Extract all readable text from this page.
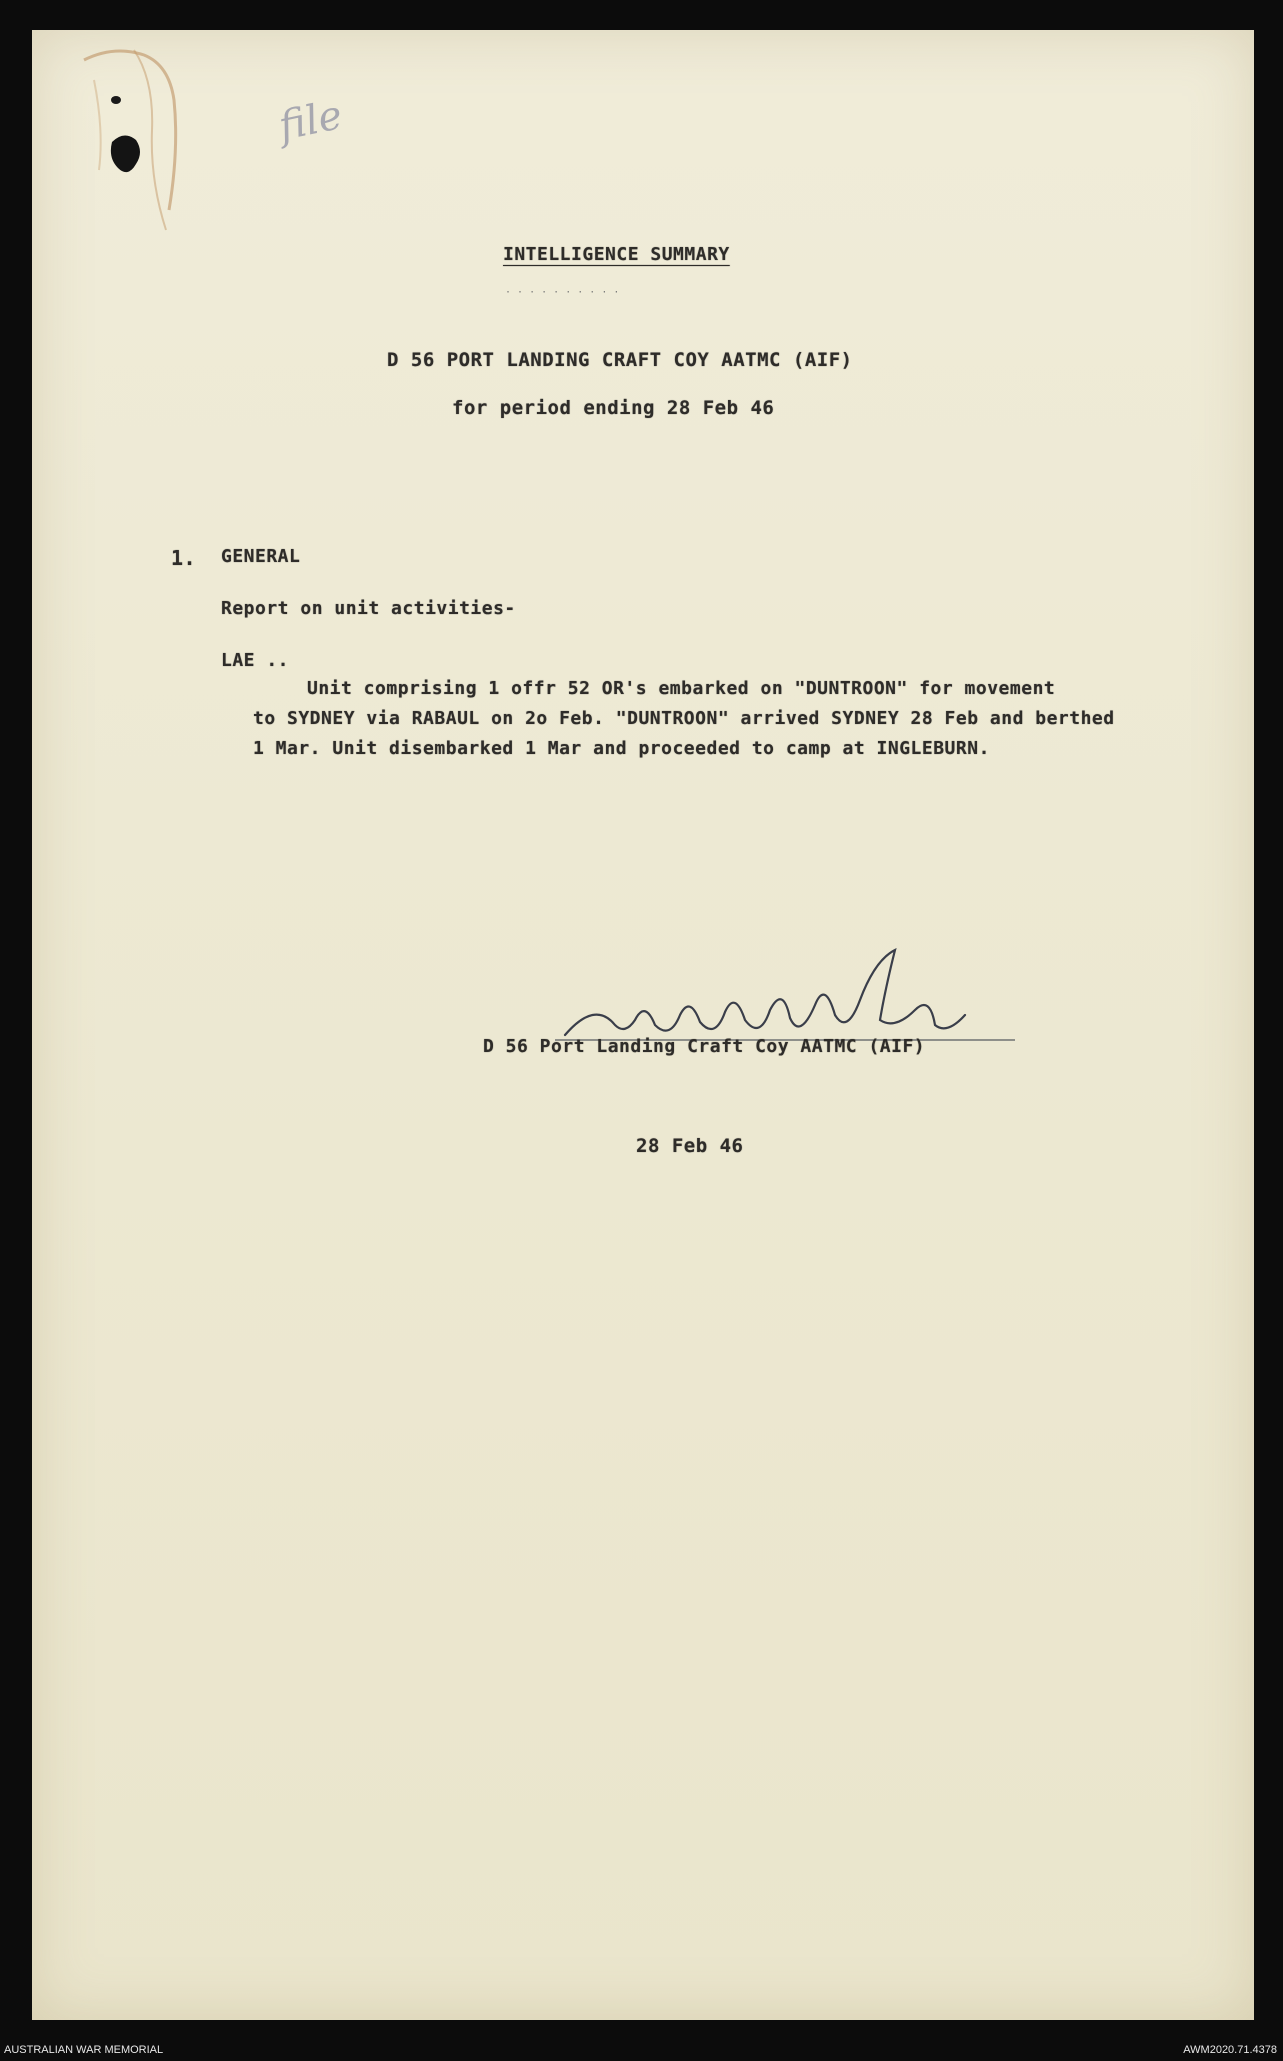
file
INTELLIGENCE SUMMARY
· · · · · · · · · ·
D 56 PORT LANDING CRAFT COY AATMC (AIF)
for period ending 28 Feb 46
1. GENERAL
Report on unit activities-
LAE ..
Unit comprising 1 offr 52 OR's embarked on "DUNTROON" for movement
to SYDNEY via RABAUL on 2o Feb. "DUNTROON" arrived SYDNEY 28 Feb and berthed
1 Mar. Unit disembarked 1 Mar and proceeded to camp at INGLEBURN.
D 56 Port Landing Craft Coy AATMC (AIF)
28 Feb 46
AUSTRALIAN WAR MEMORIAL	AWM2020.71.4378
